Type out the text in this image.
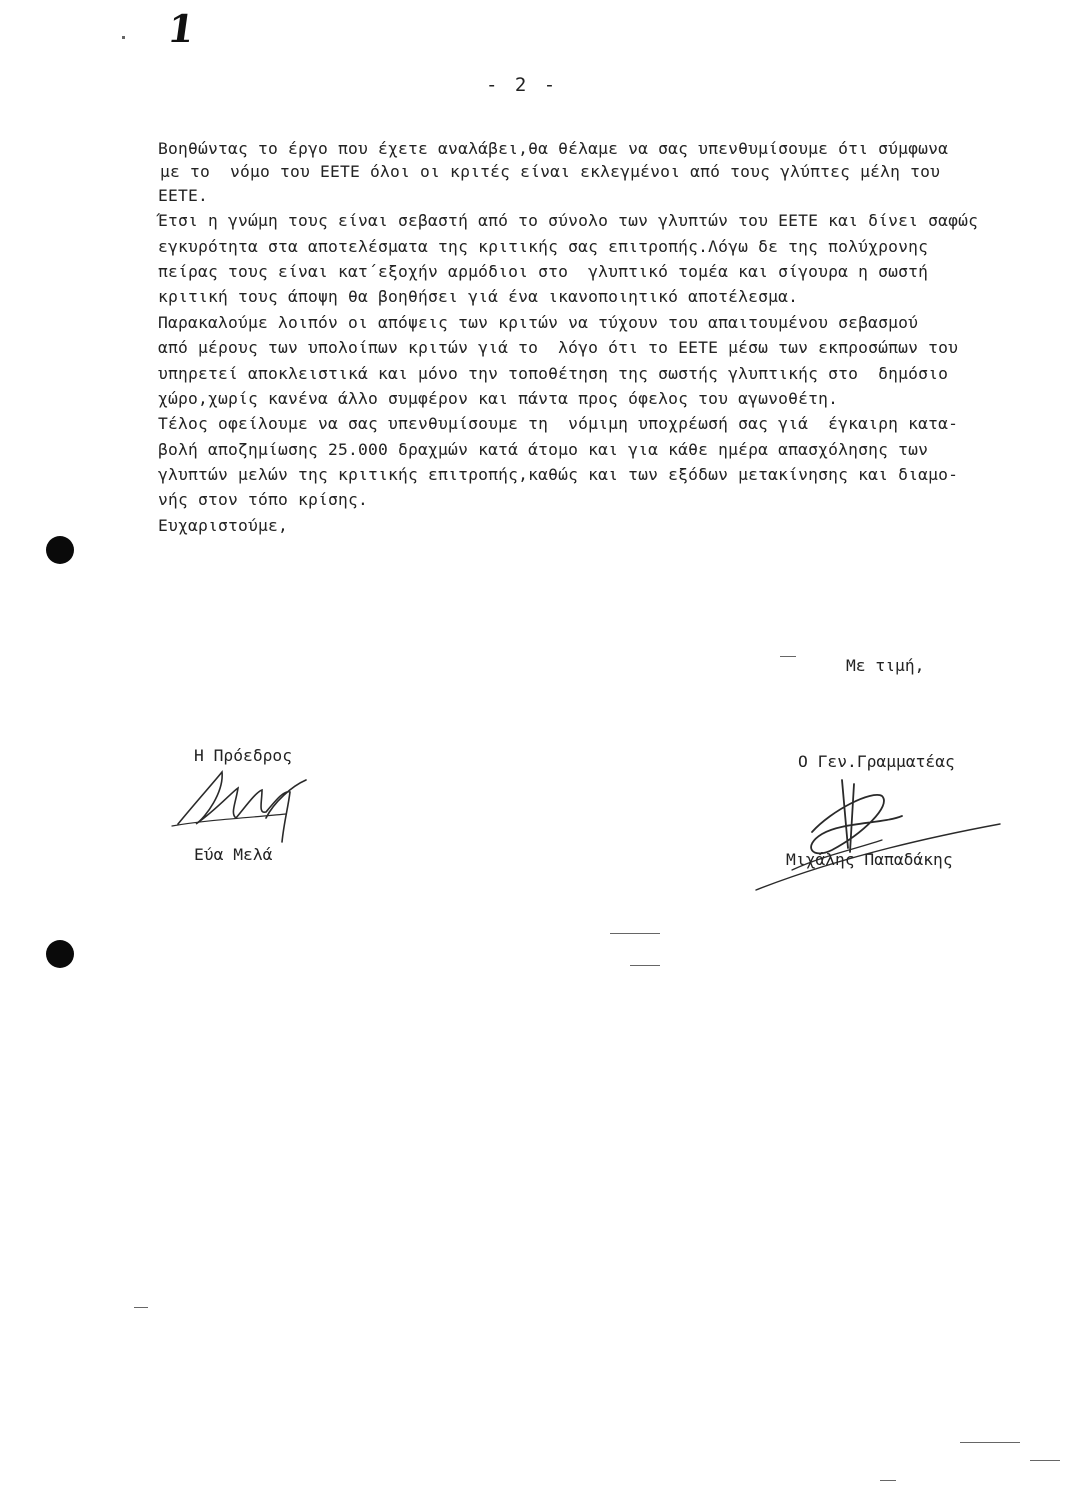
1
- 2 -
Βοηθώντας το έργο που έχετε αναλάβει,θα θέλαμε να σας υπενθυμίσουμε ότι σύμφωνα
με το  νόμο του ΕΕΤΕ όλοι οι κριτές είναι εκλεγμένοι από τους γλύπτες μέλη του
ΕΕΤΕ.
Έτσι η γνώμη τους είναι σεβαστή από το σύνολο των γλυπτών του ΕΕΤΕ και δίνει σαφώς
εγκυρότητα στα αποτελέσματα της κριτικής σας επιτροπής.Λόγω δε της πολύχρονης
πείρας τους είναι κατ΄εξοχήν αρμόδιοι στο  γλυπτικό τομέα και σίγουρα η σωστή
κριτική τους άποψη θα βοηθήσει γιά ένα ικανοποιητικό αποτέλεσμα.
Παρακαλούμε λοιπόν οι απόψεις των κριτών να τύχουν του απαιτουμένου σεβασμού
από μέρους των υπολοίπων κριτών γιά το  λόγο ότι το ΕΕΤΕ μέσω των εκπροσώπων του
υπηρετεί αποκλειστικά και μόνο την τοποθέτηση της σωστής γλυπτικής στο  δημόσιο
χώρο,χωρίς κανένα άλλο συμφέρον και πάντα προς όφελος του αγωνοθέτη.
Τέλος οφείλουμε να σας υπενθυμίσουμε τη  νόμιμη υποχρέωσή σας γιά  έγκαιρη κατα-
βολή αποζημίωσης 25.000 δραχμών κατά άτομο και για κάθε ημέρα απασχόλησης των
γλυπτών μελών της κριτικής επιτροπής,καθώς και των εξόδων μετακίνησης και διαμο-
νής στον τόπο κρίσης.
Ευχαριστούμε,
Με τιμή,
Η Πρόεδρος
Εύα Μελά
Ο Γεν.Γραμματέας
Μιχάλης Παπαδάκης
